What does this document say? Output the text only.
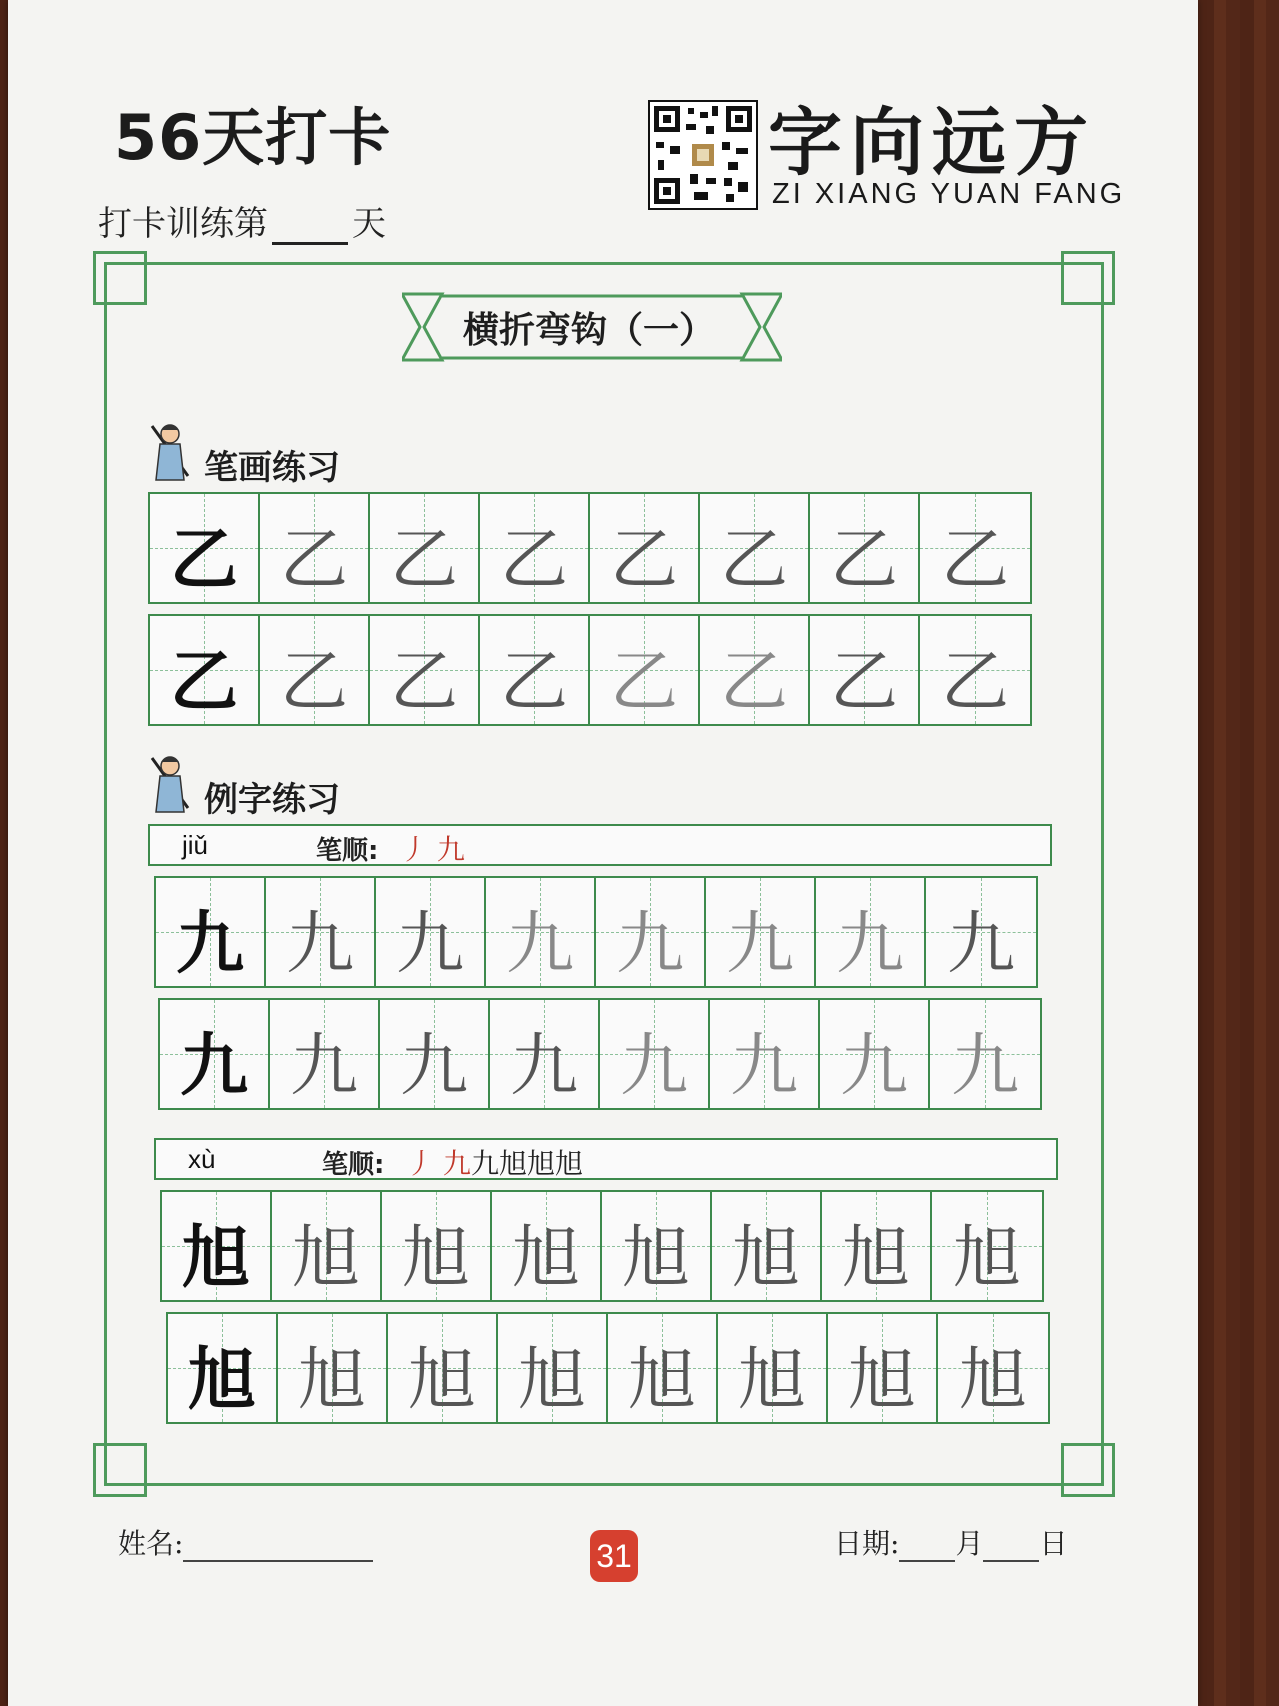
56天打卡
打卡训练第 天
字向远方
ZI XIANG YUAN FANG
横折弯钩（一）
笔画练习
乙 乙 乙 乙 乙 乙 乙 乙
乙 乙 乙 乙 乙 乙 乙 乙
例字练习
jiǔ	笔顺: 丿 九
九 九 九 九 九 九 九 九
九 九 九 九 九 九 九 九
xù	笔顺: 丿 九九旭旭旭
旭 旭 旭 旭 旭 旭 旭 旭
旭 旭 旭 旭 旭 旭 旭 旭
姓名:	31	日期: 月 日
